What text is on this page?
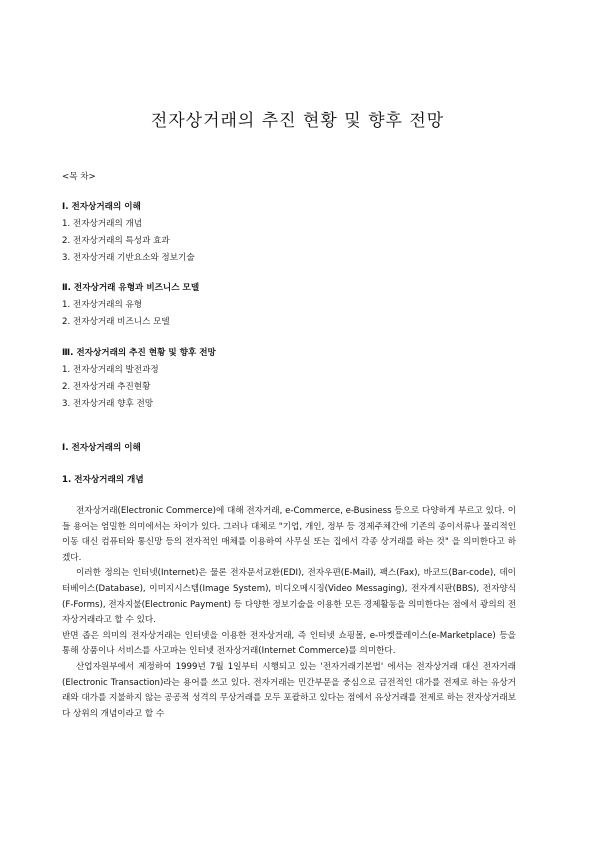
전자상거래의 추진 현황 및 향후 전망
<목 차>
Ⅰ. 전자상거래의 이해
1. 전자상거래의 개념
2. 전자상거래의 특성과 효과
3. 전자상거래 기반요소와 정보기술
Ⅱ. 전자상거래 유형과 비즈니스 모델
1. 전자상거래의 유형
2. 전자상거래 비즈니스 모델
Ⅲ. 전자상거래의 추진 현황 및 향후 전망
1. 전자상거래의 발전과정
2. 전자상거래 추진현황
3. 전자상거래 향후 전망
Ⅰ. 전자상거래의 이해
1. 전자상거래의 개념

전자상거래(Electronic Commerce)에 대해 전자거래, e-Commerce, e-Business 등으로 다양하게 부르고 있다. 이들 용어는 엄밀한 의미에서는 차이가 있다. 그러나 대체로 "기업, 개인, 정부 등 경제주체간에 기존의 종이서류나 물리적인 이동 대신 컴퓨터와 통신망 등의 전자적인 매체를 이용하여 사무실 또는 집에서 각종 상거래를 하는 것" 을 의미한다고 하겠다.

이러한 정의는 인터넷(Internet)은 물론 전자문서교환(EDI), 전자우편(E-Mail), 팩스(Fax), 바코드(Bar-code), 데이터베이스(Database), 이미지시스템(Image System), 비디오메시징(Video Messaging), 전자게시판(BBS), 전자양식(F-Forms), 전자지불(Electronic Payment) 등 다양한 정보기술을 이용한 모든 경제활동을 의미한다는 점에서 광의의 전자상거래라고 할 수 있다.

반면 좁은 의미의 전자상거래는 인터넷을 이용한 전자상거래, 즉 인터넷 쇼핑몰, e-마켓플레이스(e-Marketplace) 등을 통해 상품이나 서비스를 사고파는 인터넷 전자상거래(Internet Commerce)를 의미한다.

산업자원부에서 제정하여 1999년 7월 1일부터 시행되고 있는 '전자거래기본법' 에서는 전자상거래 대신 전자거래(Electronic Transaction)라는 용어를 쓰고 있다. 전자거래는 민간부문을 중심으로 금전적인 대가를 전제로 하는 유상거래와 대가를 지불하지 않는 공공적 성격의 무상거래를 모두 포괄하고 있다는 점에서 유상거래를 전제로 하는 전자상거래보다 상위의 개념이라고 할 수
